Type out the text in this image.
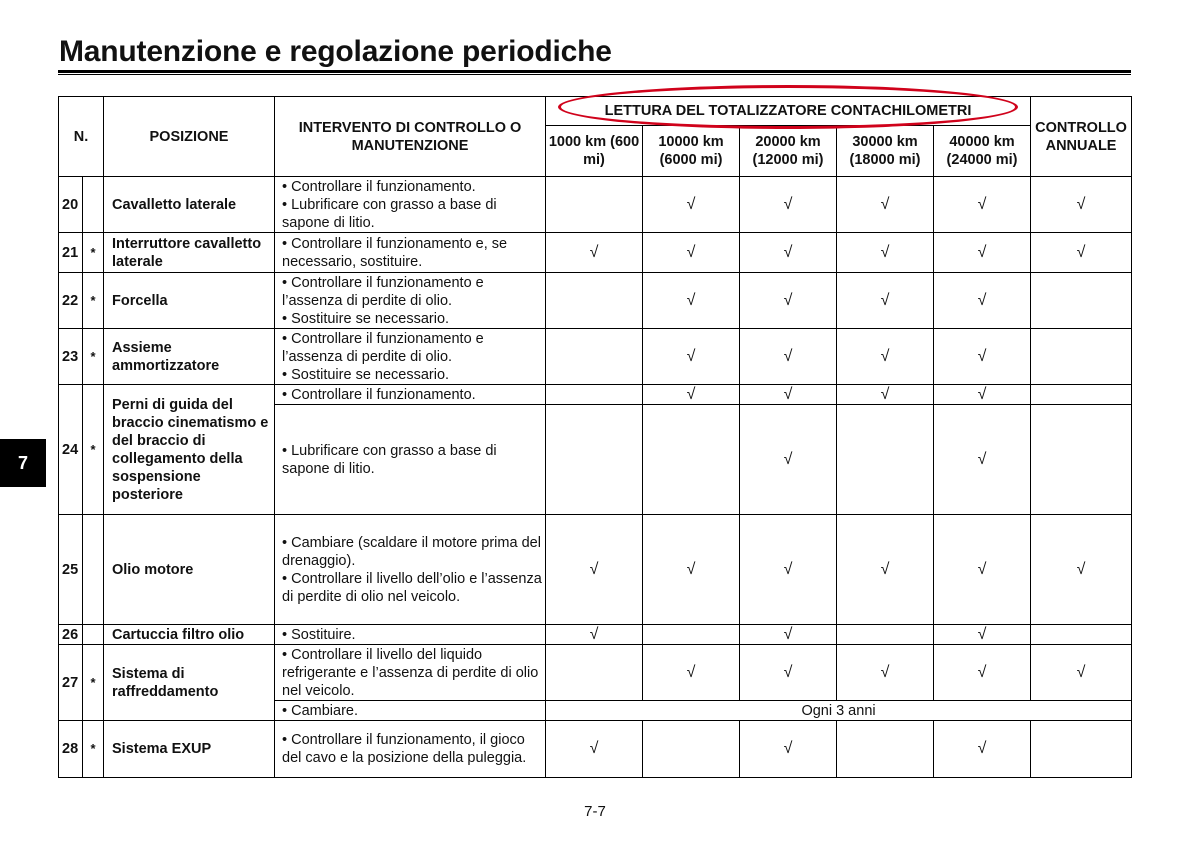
Manutenzione e regolazione periodiche
7
N.		POSIZIONE	INTERVENTO DI CONTROLLO O MANUTENZIONE	LETTURA DEL TOTALIZZATORE CONTACHILOMETRI					CONTROLLO ANNUALE
				1000 km (600 mi)	10000 km (6000 mi)	20000 km (12000 mi)	30000 km (18000 mi)	40000 km (24000 mi)	
20		Cavalletto laterale	• Controllare il funzionamento.
• Lubrificare con grasso a base di sapone di litio.		√	√	√	√	√
21	*	Interruttore cavalletto laterale	• Controllare il funzionamento e, se necessario, sostituire.	√	√	√	√	√	√
22	*	Forcella	• Controllare il funzionamento e l’assenza di perdite di olio.
• Sostituire se necessario.		√	√	√	√	
23	*	Assieme ammortizzatore	• Controllare il funzionamento e l’assenza di perdite di olio.
• Sostituire se necessario.		√	√	√	√	
24	*	Perni di guida del braccio cinematismo e del braccio di collegamento della sospensione posteriore	• Controllare il funzionamento.		√	√	√	√	

			• Lubrificare con grasso a base di sapone di litio.			√		√	
25		Olio motore	• Cambiare (scaldare il motore prima del drenaggio).
• Controllare il livello dell’olio e l’assenza di perdite di olio nel veicolo.	√	√	√	√	√	√
26		Cartuccia filtro olio	• Sostituire.	√		√		√	
27	*	Sistema di raffreddamento	• Controllare il livello del liquido refrigerante e l’assenza di perdite di olio nel veicolo.		√	√	√	√	√

			• Cambiare.	Ogni 3 anni					
28	*	Sistema EXUP	• Controllare il funzionamento, il gioco del cavo e la posizione della puleggia.	√		√		√	
7-7
